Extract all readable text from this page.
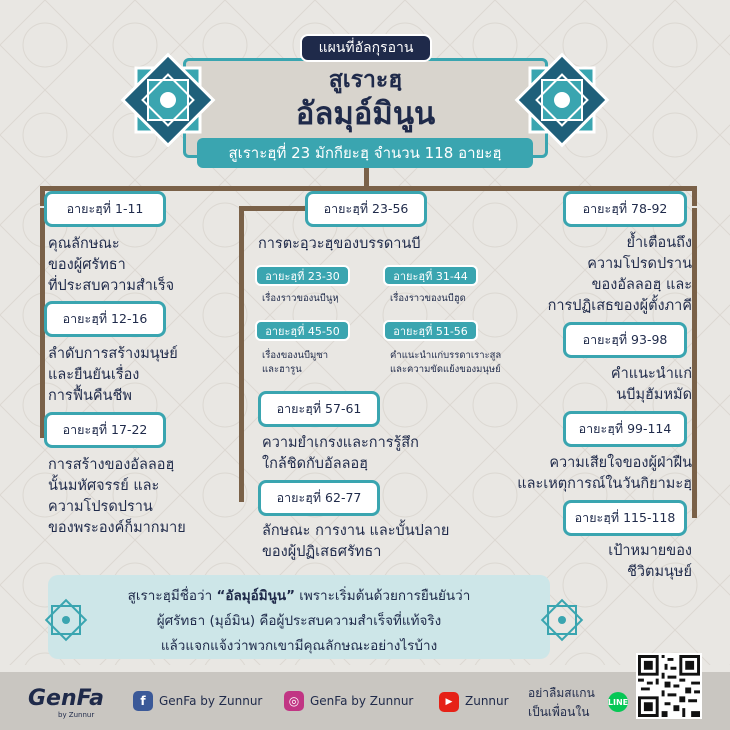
แผนที่อัลกุรอาน
สูเราะฮฺ
อัลมุอ์มินูน
สูเราะฮฺที่ 23 มักกียะฮฺ จำนวน 118 อายะฮฺ
อายะฮฺที่ 1-11
คุณลักษณะ
ของผู้ศรัทธา
ที่ประสบความสำเร็จ
อายะฮฺที่ 12-16
ลำดับการสร้างมนุษย์
และยืนยันเรื่อง
การฟื้นคืนชีพ
อายะฮฺที่ 17-22
การสร้างของอัลลอฮฺ
นั้นมหัศจรรย์ และ
ความโปรดปราน
ของพระองค์ก็มากมาย
อายะฮฺที่ 23-56
การตะอฺวะฮฺของบรรดานบี
อายะฮฺที่ 23-30
เรื่องราวของนบีนูหฺ
อายะฮฺที่ 31-44
เรื่องราวของนบีฮูด
อายะฮฺที่ 45-50
เรื่องของนบีมูซา
และฮารูน
อายะฮฺที่ 51-56
คำแนะนำแก่บรรดาเราะสูล
และความขัดแย้งของมนุษย์
อายะฮฺที่ 57-61
ความยำเกรงและการรู้สึก
ใกล้ชิดกับอัลลอฮฺ
อายะฮฺที่ 62-77
ลักษณะ การงาน และบั้นปลาย
ของผู้ปฏิเสธศรัทธา
อายะฮฺที่ 78-92
ย้ำเตือนถึง
ความโปรดปราน
ของอัลลอฮฺ และ
การปฏิเสธของผู้ตั้งภาคี
อายะฮฺที่ 93-98
คำแนะนำแก่
นบีมุฮัมหมัด
อายะฮฺที่ 99-114
ความเสียใจของผู้ฝ่าฝืน
และเหตุการณ์ในวันกิยามะฮฺ
อายะฮฺที่ 115-118
เป้าหมายของ
ชีวิตมนุษย์
สูเราะฮฺมีชื่อว่า “อัลมุอ์มินูน” เพราะเริ่มต้นด้วยการยืนยันว่า
ผู้ศรัทธา (มุอ์มิน) คือผู้ประสบความสำเร็จที่แท้จริง
แล้วแจกแจ้งว่าพวกเขามีคุณลักษณะอย่างไรบ้าง
GenFa
by Zunnur
f	GenFa by Zunnur	◎ GenFa by Zunnur	▶	Zunnur
อย่าลืมสแกน
เป็นเพื่อนใน
LINE
